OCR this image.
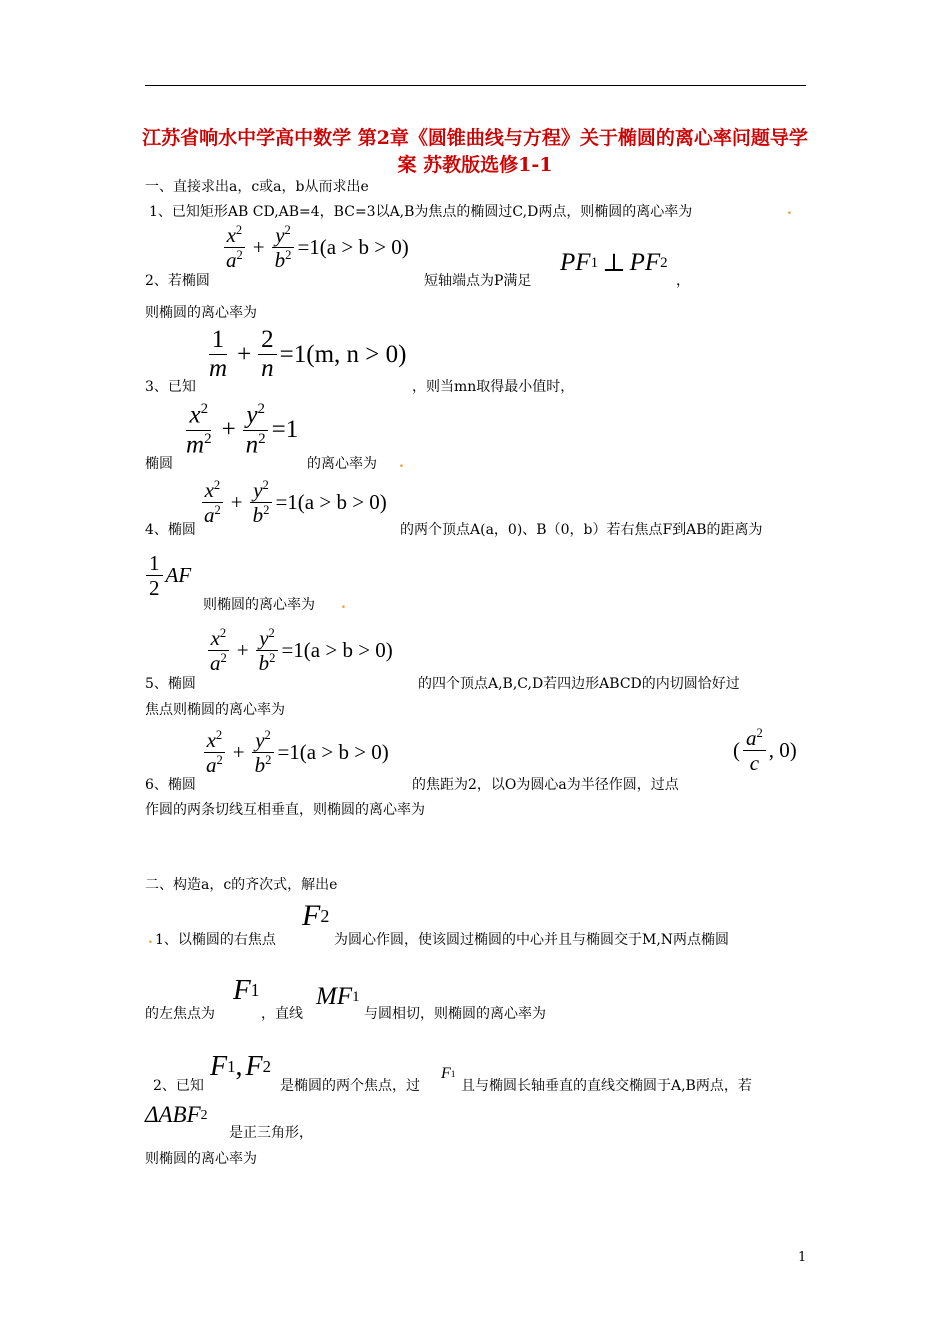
江苏省响水中学高中数学 第2章《圆锥曲线与方程》关于椭圆的离心率问题导学案 苏教版选修1-1
一、直接求出a，c或a，b从而求出e
1、已知矩形AB CD,AB=4，BC=3以A,B为焦点的椭圆过C,D两点，则椭圆的离心率为	.
$\frac{x^2}{a^2} + \frac{y^2}{b^2} =1(a > b > 0)$
2、若椭圆	短轴端点为P满足
P F 1 ⊥ P F 2
，
则椭圆的离心率为
$\frac{1}{m} + \frac{2}{n} =1(m$, n > 0)
3、已知	，则当mn取得最小值时，
$\frac{x^2}{m^2} + \frac{y^2}{n^2} =1$
椭圆	的离心率为 .
$\frac{x^2}{a^2} + \frac{y^2}{b^2} =1(a > b > 0)$
4、椭圆	的两个顶点A(a，0)、B（0，b）若右焦点F到AB的距离为
$\frac{1}{2}$ AF
则椭圆的离心率为 .
$\frac{x^2}{a^2} + \frac{y^2}{b^2} =1(a > b > 0)$
5、椭圆	的四个顶点A,B,C,D若四边形ABCD的内切圆恰好过
焦点则椭圆的离心率为
$\frac{x^2}{a^2} + \frac{y^2}{b^2} =1(a > b > 0)$	( $\frac{a^2}{c}$ , 0)
6、椭圆	的焦距为2，以O为圆心a为半径作圆，过点
作圆的两条切线互相垂直，则椭圆的离心率为
二、构造a，c的齐次式，解出e
. 1、以椭圆的右焦点
F 2
为圆心作圆，使该圆过椭圆的中心并且与椭圆交于M,N两点椭圆
的左焦点为
F 1
，直线
MF 1
与圆相切，则椭圆的离心率为
2、已知
F 1 , F 2
是椭圆的两个焦点，过
F 1
且与椭圆长轴垂直的直线交椭圆于A,B两点，若
ΔABF 2
是正三角形，
则椭圆的离心率为
1
